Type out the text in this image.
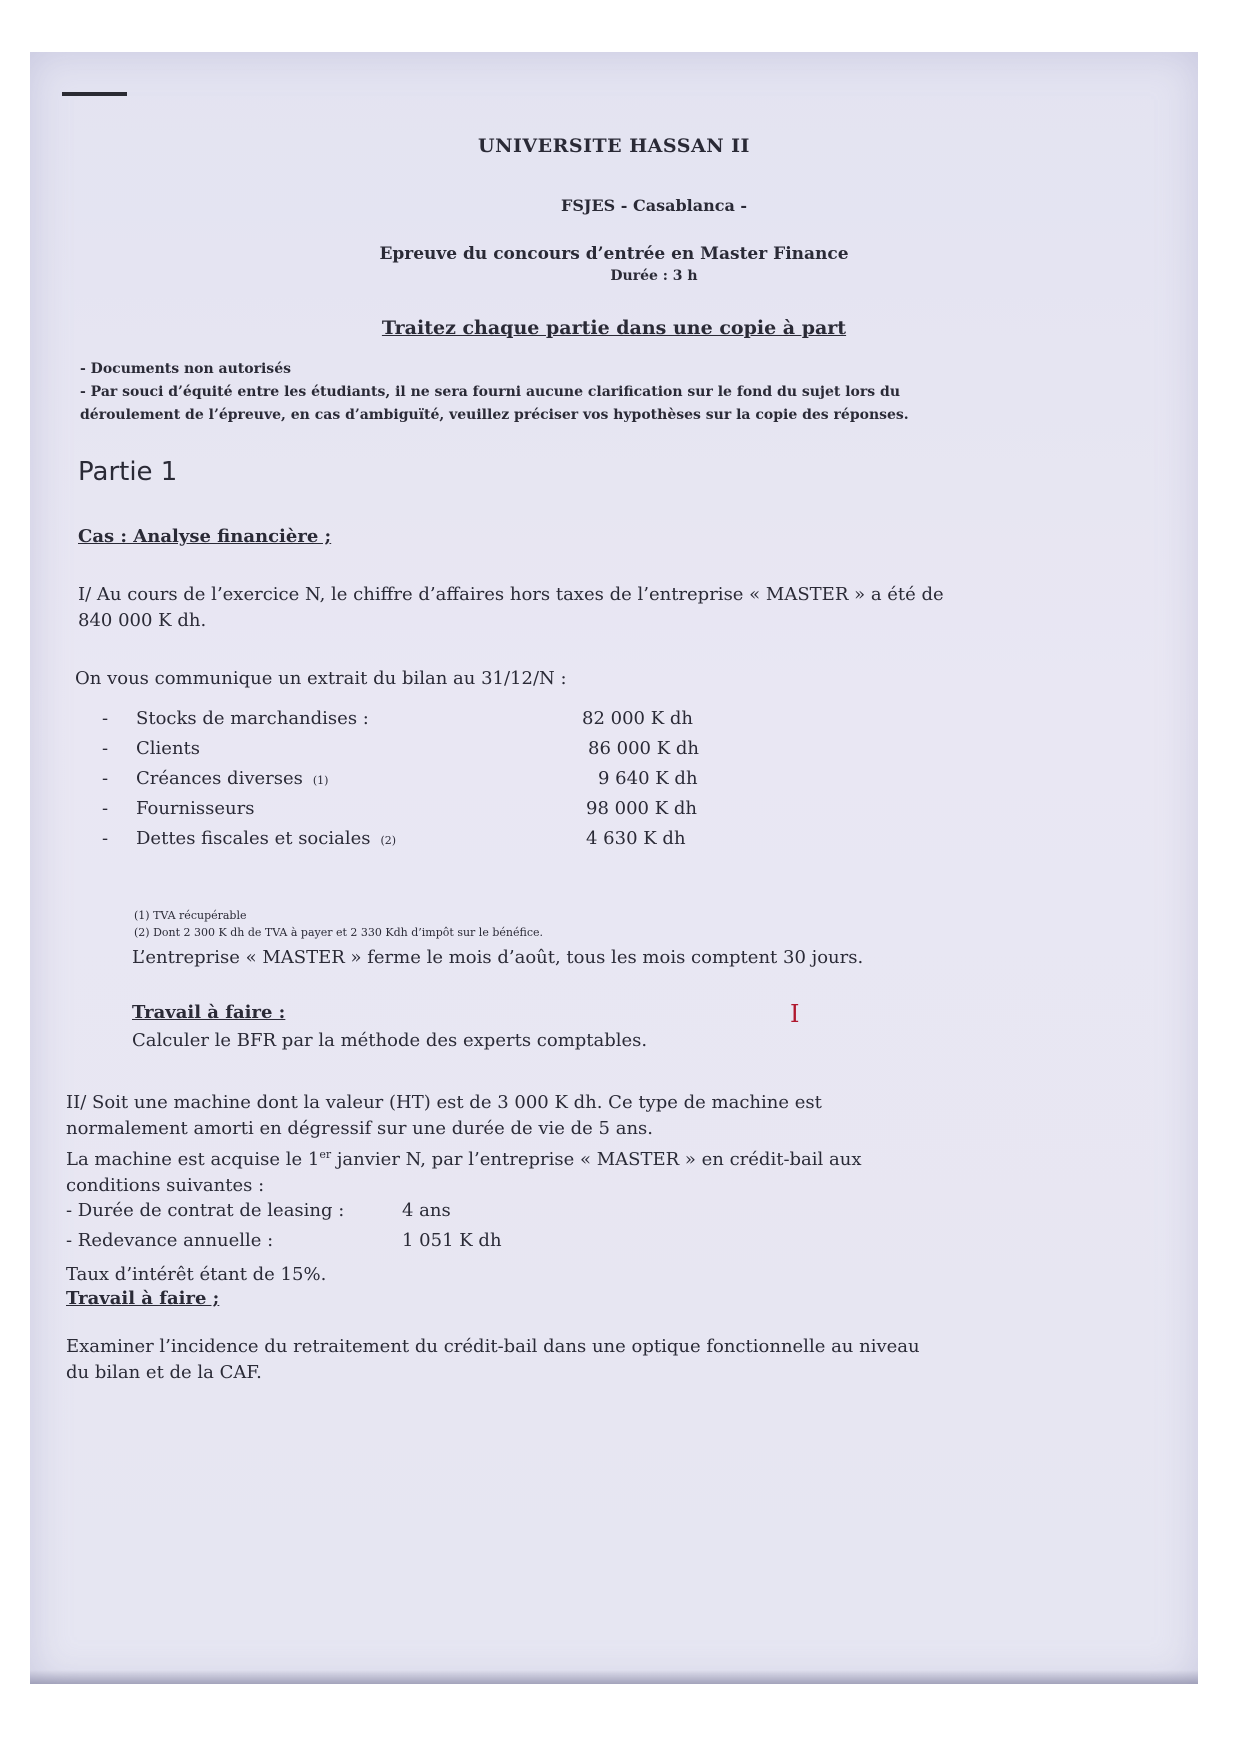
UNIVERSITE HASSAN II
FSJES - Casablanca -
Epreuve du concours d’entrée en Master Finance
Durée : 3 h
Traitez chaque partie dans une copie à part
- Documents non autorisés
- Par souci d’équité entre les étudiants, il ne sera fourni aucune clarification sur le fond du sujet lors du déroulement de l’épreuve, en cas d’ambiguïté, veuillez préciser vos hypothèses sur la copie des réponses.
Partie 1
Cas : Analyse financière ;
I/ Au cours de l’exercice N, le chiffre d’affaires hors taxes de l’entreprise « MASTER » a été de 840 000 K dh.
On vous communique un extrait du bilan au 31/12/N :
- Stocks de marchandises :	82 000 K dh
- Clients	86 000 K dh
- Créances diverses (1)	9 640 K dh
- Fournisseurs	98 000 K dh
- Dettes fiscales et sociales (2)	4 630 K dh
(1) TVA récupérable
(2) Dont 2 300 K dh de TVA à payer et 2 330 Kdh d’impôt sur le bénéfice.
L’entreprise « MASTER » ferme le mois d’août, tous les mois comptent 30 jours.
Travail à faire :	I
Calculer le BFR par la méthode des experts comptables.
II/ Soit une machine dont la valeur (HT) est de 3 000 K dh. Ce type de machine est normalement amorti en dégressif sur une durée de vie de 5 ans.
La machine est acquise le 1er janvier N, par l’entreprise « MASTER » en crédit-bail aux conditions suivantes :
- Durée de contrat de leasing :	4 ans
- Redevance annuelle :	1 051 K dh
Taux d’intérêt étant de 15%.
Travail à faire ;
Examiner l’incidence du retraitement du crédit-bail dans une optique fonctionnelle au niveau du bilan et de la CAF.
